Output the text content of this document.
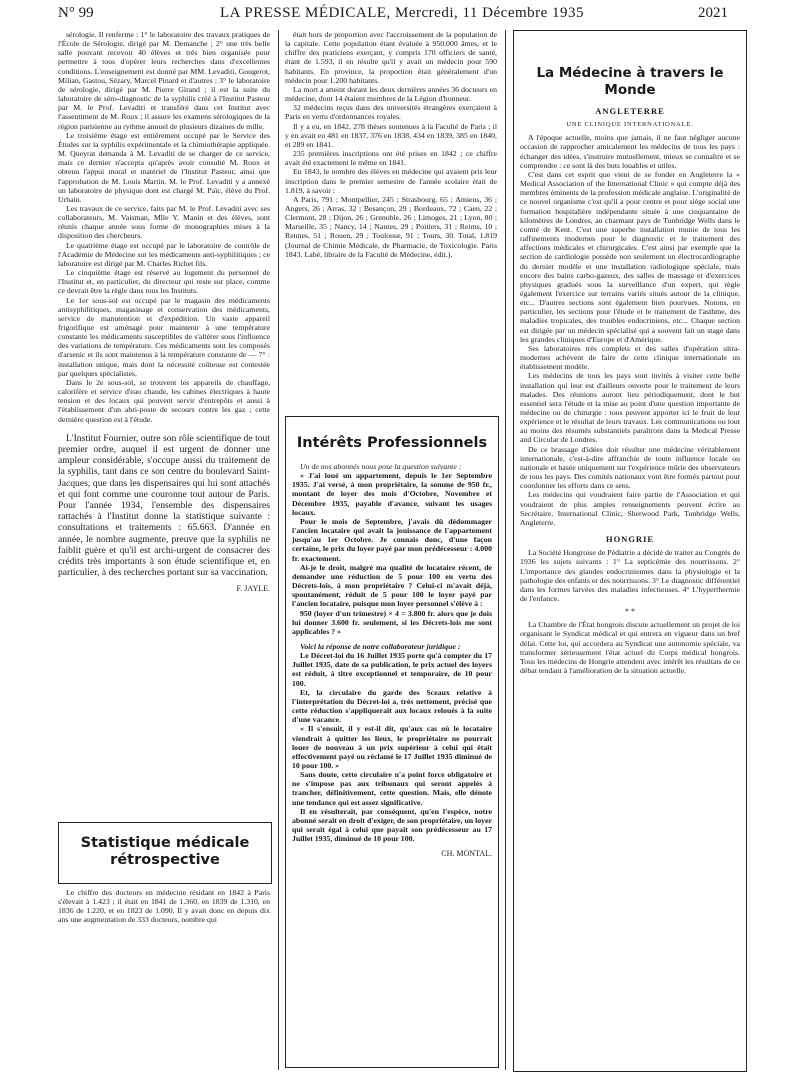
N° 99	LA PRESSE MÉDICALE, Mercredi, 11 Décembre 1935	2021

sérologie. Il renferme : 1° le laboratoire des travaux pratiques de l'École de Sérologie, dirigé par M. Demanche ; 2° une très belle salle pouvant recevoir 40 élèves et très bien organisée pour permettre à tous d'opérer leurs recherches dans d'excellentes conditions. L'enseignement est donné par MM. Levaditi, Gougerot, Milian, Gastou, Sézary, Marcel Pinard et d'autres ; 3° le laboratoire de sérologie, dirigé par M. Pierre Girand ; il est la suite du laboratoire de séro-diagnostic de la syphilis créé à l'Institut Pasteur par M. le Prof. Levaditi et transféré dans cet Institut avec l'assentiment de M. Roux ; il assure les examens sérologiques de la région parisienne au rythme annuel de plusieurs dizaines de mille.

Le troisième étage est entièrement occupé par le Service des Études sur la syphilis expérimentale et la chimiothérapie appliquée. M. Queyrat demanda à M. Levaditi de se charger de ce service, mais ce dernier n'accepta qu'après avoir consulté M. Roux et obtenu l'appui moral et matériel de l'Institut Pasteur, ainsi que l'approbation de M. Louis Martin. M. le Prof. Levaditi y a annexé un laboratoire de physique dont est chargé M. Païc, élève du Prof. Urbain.

Les travaux de ce service, faits par M. le Prof. Levaditi avec ses collaborateurs, M. Vaisman, Mlle Y. Manin et des élèves, sont réunis chaque année sous forme de monographies mises à la disposition des chercheurs.

Le quatrième étage est occupé par le laboratoire de contrôle de l'Académie de Médecine sur les médicaments anti-syphilitiques ; ce laboratoire est dirigé par M. Charles Richet fils.

Le cinquième étage est réservé au logement du personnel de l'Institut et, en particulier, du directeur qui reste sur place, comme ce devrait être la règle dans tous les Instituts.

Le 1er sous-sol est occupé par le magasin des médicaments antisyphilitiques, magasinage et conservation des médicaments, service de manutention et d'expédition. Un vaste appareil frigorifique est aménagé pour maintenir à une température constante les médicaments susceptibles de s'altérer sous l'influence des variations de température. Ces médicaments sont les composés d'arsenic et ils sont maintenus à la température constante de — 7° : installation unique, mais dont la nécessité coûteuse est contestée par quelques spécialistes.

Dans le 2e sous-sol, se trouvent les appareils de chauffage, calorifère et service d'eau chaude, les cabines électriques à haute tension et des locaux qui peuvent servir d'entrepôts et aussi à l'établissement d'un abri-poste de secours contre les gaz ; cette dernière question est à l'étude.

L'Institut Fournier, outre son rôle scientifique de tout premier ordre, auquel il est urgent de donner une ampleur considérable, s'occupe aussi du traitement de la syphilis, tant dans ce son centre du boulevard Saint-Jacques, que dans les dispensaires qui lui sont attachés et qui font comme une couronne tout autour de Paris. Pour l'année 1934, l'ensemble des dispensaires rattachés à l'Institut donne la statistique suivante : consultations et traitements : 65.663. D'année en année, le nombre augmente, preuve que la syphilis ne faiblit guère et qu'il est archi-urgent de consacrer des crédits très importants à son étude scientifique et, en particulier, à des recherches portant sur sa vaccination.

F. JAYLE.
Statistique médicale rétrospective

Le chiffre des docteurs en médecine résidant en 1842 à Paris s'élevait à 1.423 ; il était en 1841 de 1.360, en 1839 de 1.310, en 1836 de 1.220, et en 1823 de 1.090. Il y avait donc en depuis dix ans une augmentation de 333 docteurs, nombre qui

était hors de proportion avec l'accroissement de la population de la capitale. Cette population étant évaluée à 950.000 âmes, et le chiffre des praticiens exerçant, y compris 170 officiers de santé, étant de 1.593, il en résulte qu'il y avait un médecin pour 590 habitants. En province, la proportion était généralement d'un médecin pour 1.200 habitants.

La mort a atteint durant les deux dernières années 36 docteurs en médecine, dont 14 étaient membres de la Légion d'honneur.

32 médecins reçus dans des universités étrangères exerçaient à Paris en vertu d'ordonnances royales.

Il y a eu, en 1842, 278 thèses soutenues à la Faculté de Paris ; il y en avait eu 481 en 1837, 376 en 1838, 434 en 1839, 385 en 1840, et 289 en 1841.

235 premières inscriptions ont été prises en 1842 ; ce chiffre avait été exactement le même en 1841.

En 1843, le nombre des élèves en médecine qui avaient pris leur inscription dans le premier semestre de l'année scolaire était de 1.819, à savoir :

A Paris, 791 ; Montpellier, 245 ; Strasbourg, 65 ; Amiens, 36 ; Angers, 26 ; Arras, 32 ; Besançon, 29 ; Bordeaux, 72 ; Caen, 22 ; Clermont, 28 ; Dijon, 26 ; Grenoble, 26 ; Limoges, 21 ; Lyon, 80 ; Marseille, 35 ; Nancy, 14 ; Nantes, 29 ; Poitiers, 31 ; Reims, 10 ; Rennes, 51 ; Rouen, 29 ; Toulouse, 91 ; Tours, 30. Total, 1.819 (Journal de Chimie Médicale, de Pharmacie, de Toxicologie. Paris 1843. Labé, libraire de la Faculté de Médecine, édit.).

Intérêts Professionnels

Un de nos abonnés nous pose la question suivante :

« J'ai loué un appartement, depuis le 1er Septembre 1935. J'ai versé, à mon propriétaire, la somme de 950 fr., montant de loyer des mois d'Octobre, Novembre et Décembre 1935, payable d'avance, suivant les usages locaux.

Pour le mois de Septembre, j'avais dû dédommager l'ancien locataire qui avait la jouissance de l'appartement jusqu'au 1er Octobre. Je connais donc, d'une façon certaine, le prix du loyer payé par mon prédécesseur : 4.000 fr. exactement.

Ai-je le droit, malgré ma qualité de locataire récent, de demander une réduction de 5 pour 100 en vertu des Décrets-lois, à mon propriétaire ? Celui-ci m'avait déjà, spontanément, réduit de 5 pour 100 le loyer payé par l'ancien locataire, puisque mon loyer personnel s'élève à :

950 (loyer d'un trimestre) × 4 = 3.800 fr. alors que je dois lui donner 3.600 fr. seulement, si les Décrets-lois me sont applicables ? »

Voici la réponse de notre collaborateur juridique :

Le Décret-loi du 16 Juillet 1935 porte qu'à compter du 17 Juillet 1935, date de sa publication, le prix actuel des loyers est réduit, à titre exceptionnel et temporaire, de 10 pour 100.

Et, la circulaire du garde des Sceaux relative à l'interprétation du Décret-loi a, très nettement, précisé que cette réduction s'appliquerait aux locaux reloués à la suite d'une vacance.

« Il s'ensuit, il y est-il dit, qu'aux cas où le locataire viendrait à quitter les lieux, le propriétaire ne pourrait louer de nouveau à un prix supérieur à celui qui était effectivement payé ou réclamé le 17 Juillet 1935 diminué de 10 pour 100. »

Sans doute, cette circulaire n'a point force obligatoire et ne s'impose pas aux tribunaux qui seront appelés à trancher, définitivement, cette question. Mais, elle dénote une tendance qui est assez significative.

Il en résulterait, par conséquent, qu'en l'espèce, notre abonné serait en droit d'exiger, de son propriétaire, un loyer qui serait égal à celui que payait son prédécesseur au 17 Juillet 1935, diminué de 10 pour 100.

CH. MONTAL.
La Médecine à travers le Monde
ANGLETERRE
UNE CLINIQUE INTERNATIONALE.

A l'époque actuelle, moins que jamais, il ne faut négliger aucune occasion de rapprocher amicalement les médecins de tous les pays : échanger des idées, s'instruire mutuellement, mieux se connaître et se comprendre : ce sont là des buts louables et utiles.

C'est dans cet esprit que vient de se fonder en Angleterre la « Medical Association of the International Clinic » qui compte déjà des membres éminents de la profession médicale anglaise. L'originalité de ce nouvel organisme c'est qu'il a pour centre et pour siège social une formation hospitalière indépendante située à une cinquantaine de kilomètres de Londres, au charmant pays de Tunbridge Wells dans le comté de Kent. C'est une superbe installation munie de tous les raffinements modernes pour le diagnostic et le traitement des affections médicales et chirurgicales. C'est ainsi par exemple que la section de cardiologie possède non seulement un électrocardiographe du dernier modèle et une installation radiologique spéciale, mais encore des bains carbo-gazeux, des salles de massage et d'exercices physiques gradués sous la surveillance d'un expert, qui règle également l'exercice sur terrains variés situés autour de la clinique, etc... D'autres sections sont également bien pourvues. Notons, en particulier, les sections pour l'étude et le traitement de l'asthme, des maladies tropicales, des troubles endocriniens, etc... Chaque section est dirigée par un médecin spécialisé qui a souvent fait un stage dans les grandes cliniques d'Europe et d'Amérique.

Ses laboratoires très complets et des salles d'opération ultra-modernes achèvent de faire de cette clinique internationale un établissement modèle.

Les médecins de tous les pays sont invités à visiter cette belle installation qui leur est d'ailleurs ouverte pour le traitement de leurs malades. Des réunions auront lieu périodiquement, dont le but essentiel sera l'étude et la mise au point d'une question importante de médecine ou de chirurgie : tous peuvent apporter ici le fruit de leur expérience et le résultat de leurs travaux. Les communications ou tout au moins des résumés substantiels paraîtront dans la Medical Presse and Circular de Londres.

De ce brassage d'idées doit résulter une médecine véritablement internationale, c'est-à-dire affranchie de toute influence locale ou nationale et basée uniquement sur l'expérience mûrie des observateurs de tous les pays. Des comités nationaux vont être formés partout pour coordonner les efforts dans ce sens.

Les médecins qui voudraient faire partie de l'Association et qui voudraient de plus amples renseignements peuvent écrire au Secrétaire, International Clinic, Sherwood Park, Tunbridge Wells, Angleterre.

HONGRIE

La Société Hongroise de Pédiatrie a décidé de traiter au Congrès de 1936 les sujets suivants : 1° La septicémie des nourrissons. 2° L'importance des glandes endocriniennes dans la physiologie et la pathologie des enfants et des nourrissons. 3° Le diagnostic différentiel dans les formes larvées des maladies infectieuses. 4° L'hyperthermie de l'enfance.

* *

La Chambre de l'État hongrois discute actuellement un projet de loi organisant le Syndicat médical et qui entrera en vigueur dans un bref délai. Cette loi, qui accordera au Syndicat une autonomie spéciale, va transformer sérieusement l'état actuel du Corps médical hongrois. Tous les médecins de Hongrie attendent avec intérêt les résultats de ce débat tendant à l'amélioration de la situation actuelle.
